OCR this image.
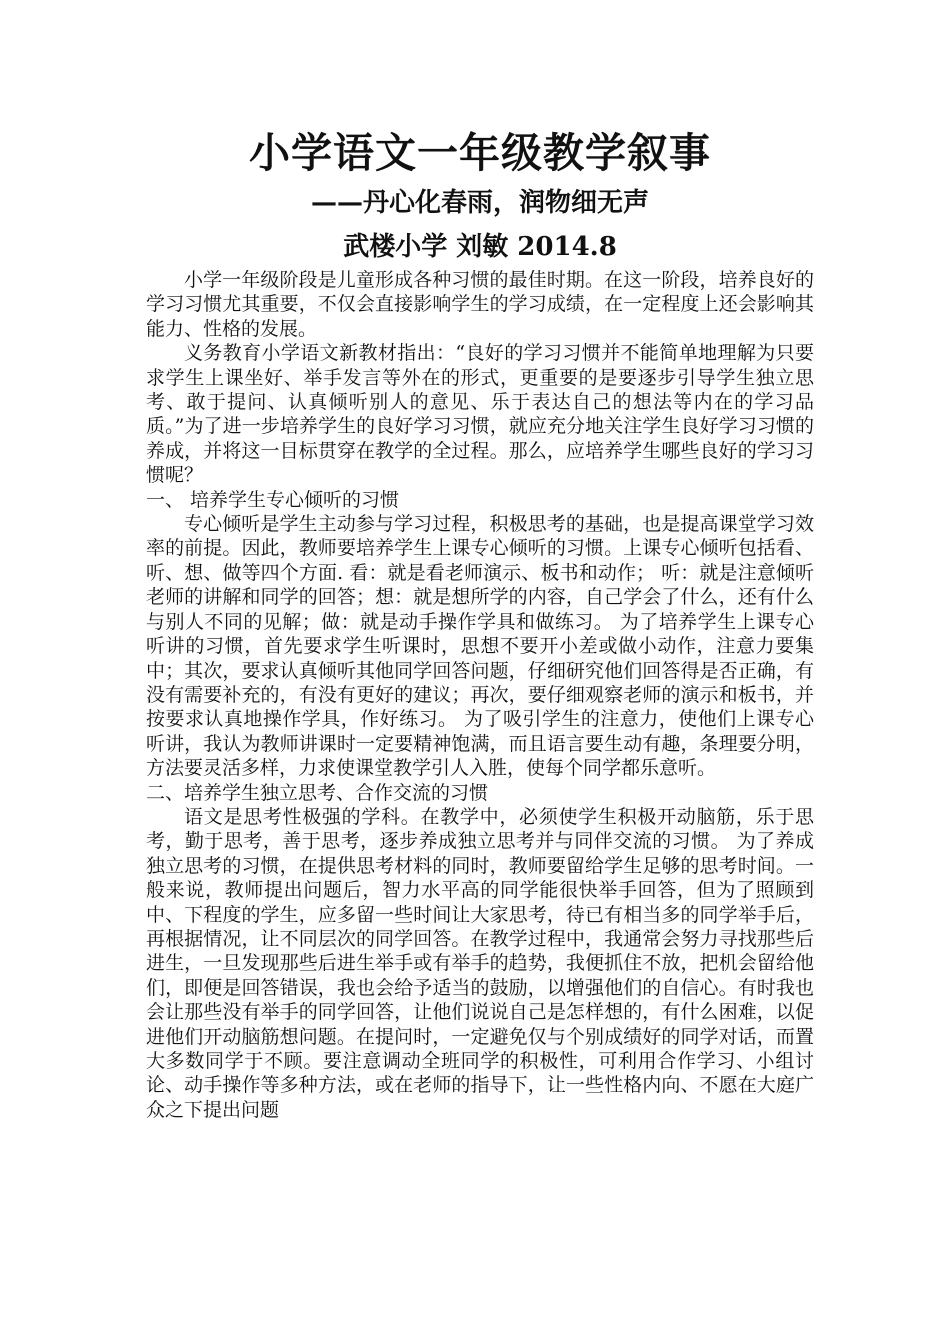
小学语文一年级教学叙事
——丹心化春雨，润物细无声
武楼小学 刘敏 2014.8

小学一年级阶段是儿童形成各种习惯的最佳时期。在这一阶段，培养良好的学习习惯尤其重要，不仅会直接影响学生的学习成绩，在一定程度上还会影响其能力、性格的发展。

义务教育小学语文新教材指出：“良好的学习习惯并不能简单地理解为只要求学生上课坐好、举手发言等外在的形式，更重要的是要逐步引导学生独立思考、敢于提问、认真倾听别人的意见、乐于表达自己的想法等内在的学习品质。”为了进一步培养学生的良好学习习惯，就应充分地关注学生良好学习习惯的养成，并将这一目标贯穿在教学的全过程。那么，应培养学生哪些良好的学习习惯呢？

一、 培养学生专心倾听的习惯

专心倾听是学生主动参与学习过程，积极思考的基础，也是提高课堂学习效率的前提。因此，教师要培养学生上课专心倾听的习惯。上课专心倾听包括看、听、想、做等四个方面. 看：就是看老师演示、板书和动作； 听：就是注意倾听老师的讲解和同学的回答；想：就是想所学的内容，自己学会了什么，还有什么与别人不同的见解；做：就是动手操作学具和做练习。 为了培养学生上课专心听讲的习惯，首先要求学生听课时，思想不要开小差或做小动作，注意力要集中；其次，要求认真倾听其他同学回答问题，仔细研究他们回答得是否正确，有没有需要补充的，有没有更好的建议；再次，要仔细观察老师的演示和板书，并按要求认真地操作学具，作好练习。 为了吸引学生的注意力，使他们上课专心听讲，我认为教师讲课时一定要精神饱满，而且语言要生动有趣，条理要分明，方法要灵活多样，力求使课堂教学引人入胜，使每个同学都乐意听。

二、培养学生独立思考、合作交流的习惯

语文是思考性极强的学科。在教学中，必须使学生积极开动脑筋，乐于思考，勤于思考，善于思考，逐步养成独立思考并与同伴交流的习惯。 为了养成独立思考的习惯，在提供思考材料的同时，教师要留给学生足够的思考时间。一般来说，教师提出问题后，智力水平高的同学能很快举手回答，但为了照顾到中、下程度的学生，应多留一些时间让大家思考，待已有相当多的同学举手后，再根据情况，让不同层次的同学回答。在教学过程中，我通常会努力寻找那些后进生，一旦发现那些后进生举手或有举手的趋势，我便抓住不放，把机会留给他们，即便是回答错误，我也会给予适当的鼓励，以增强他们的自信心。有时我也会让那些没有举手的同学回答，让他们说说自己是怎样想的，有什么困难，以促进他们开动脑筋想问题。在提问时，一定避免仅与个别成绩好的同学对话，而置大多数同学于不顾。要注意调动全班同学的积极性，可利用合作学习、小组讨论、动手操作等多种方法，或在老师的指导下，让一些性格内向、不愿在大庭广众之下提出问题
